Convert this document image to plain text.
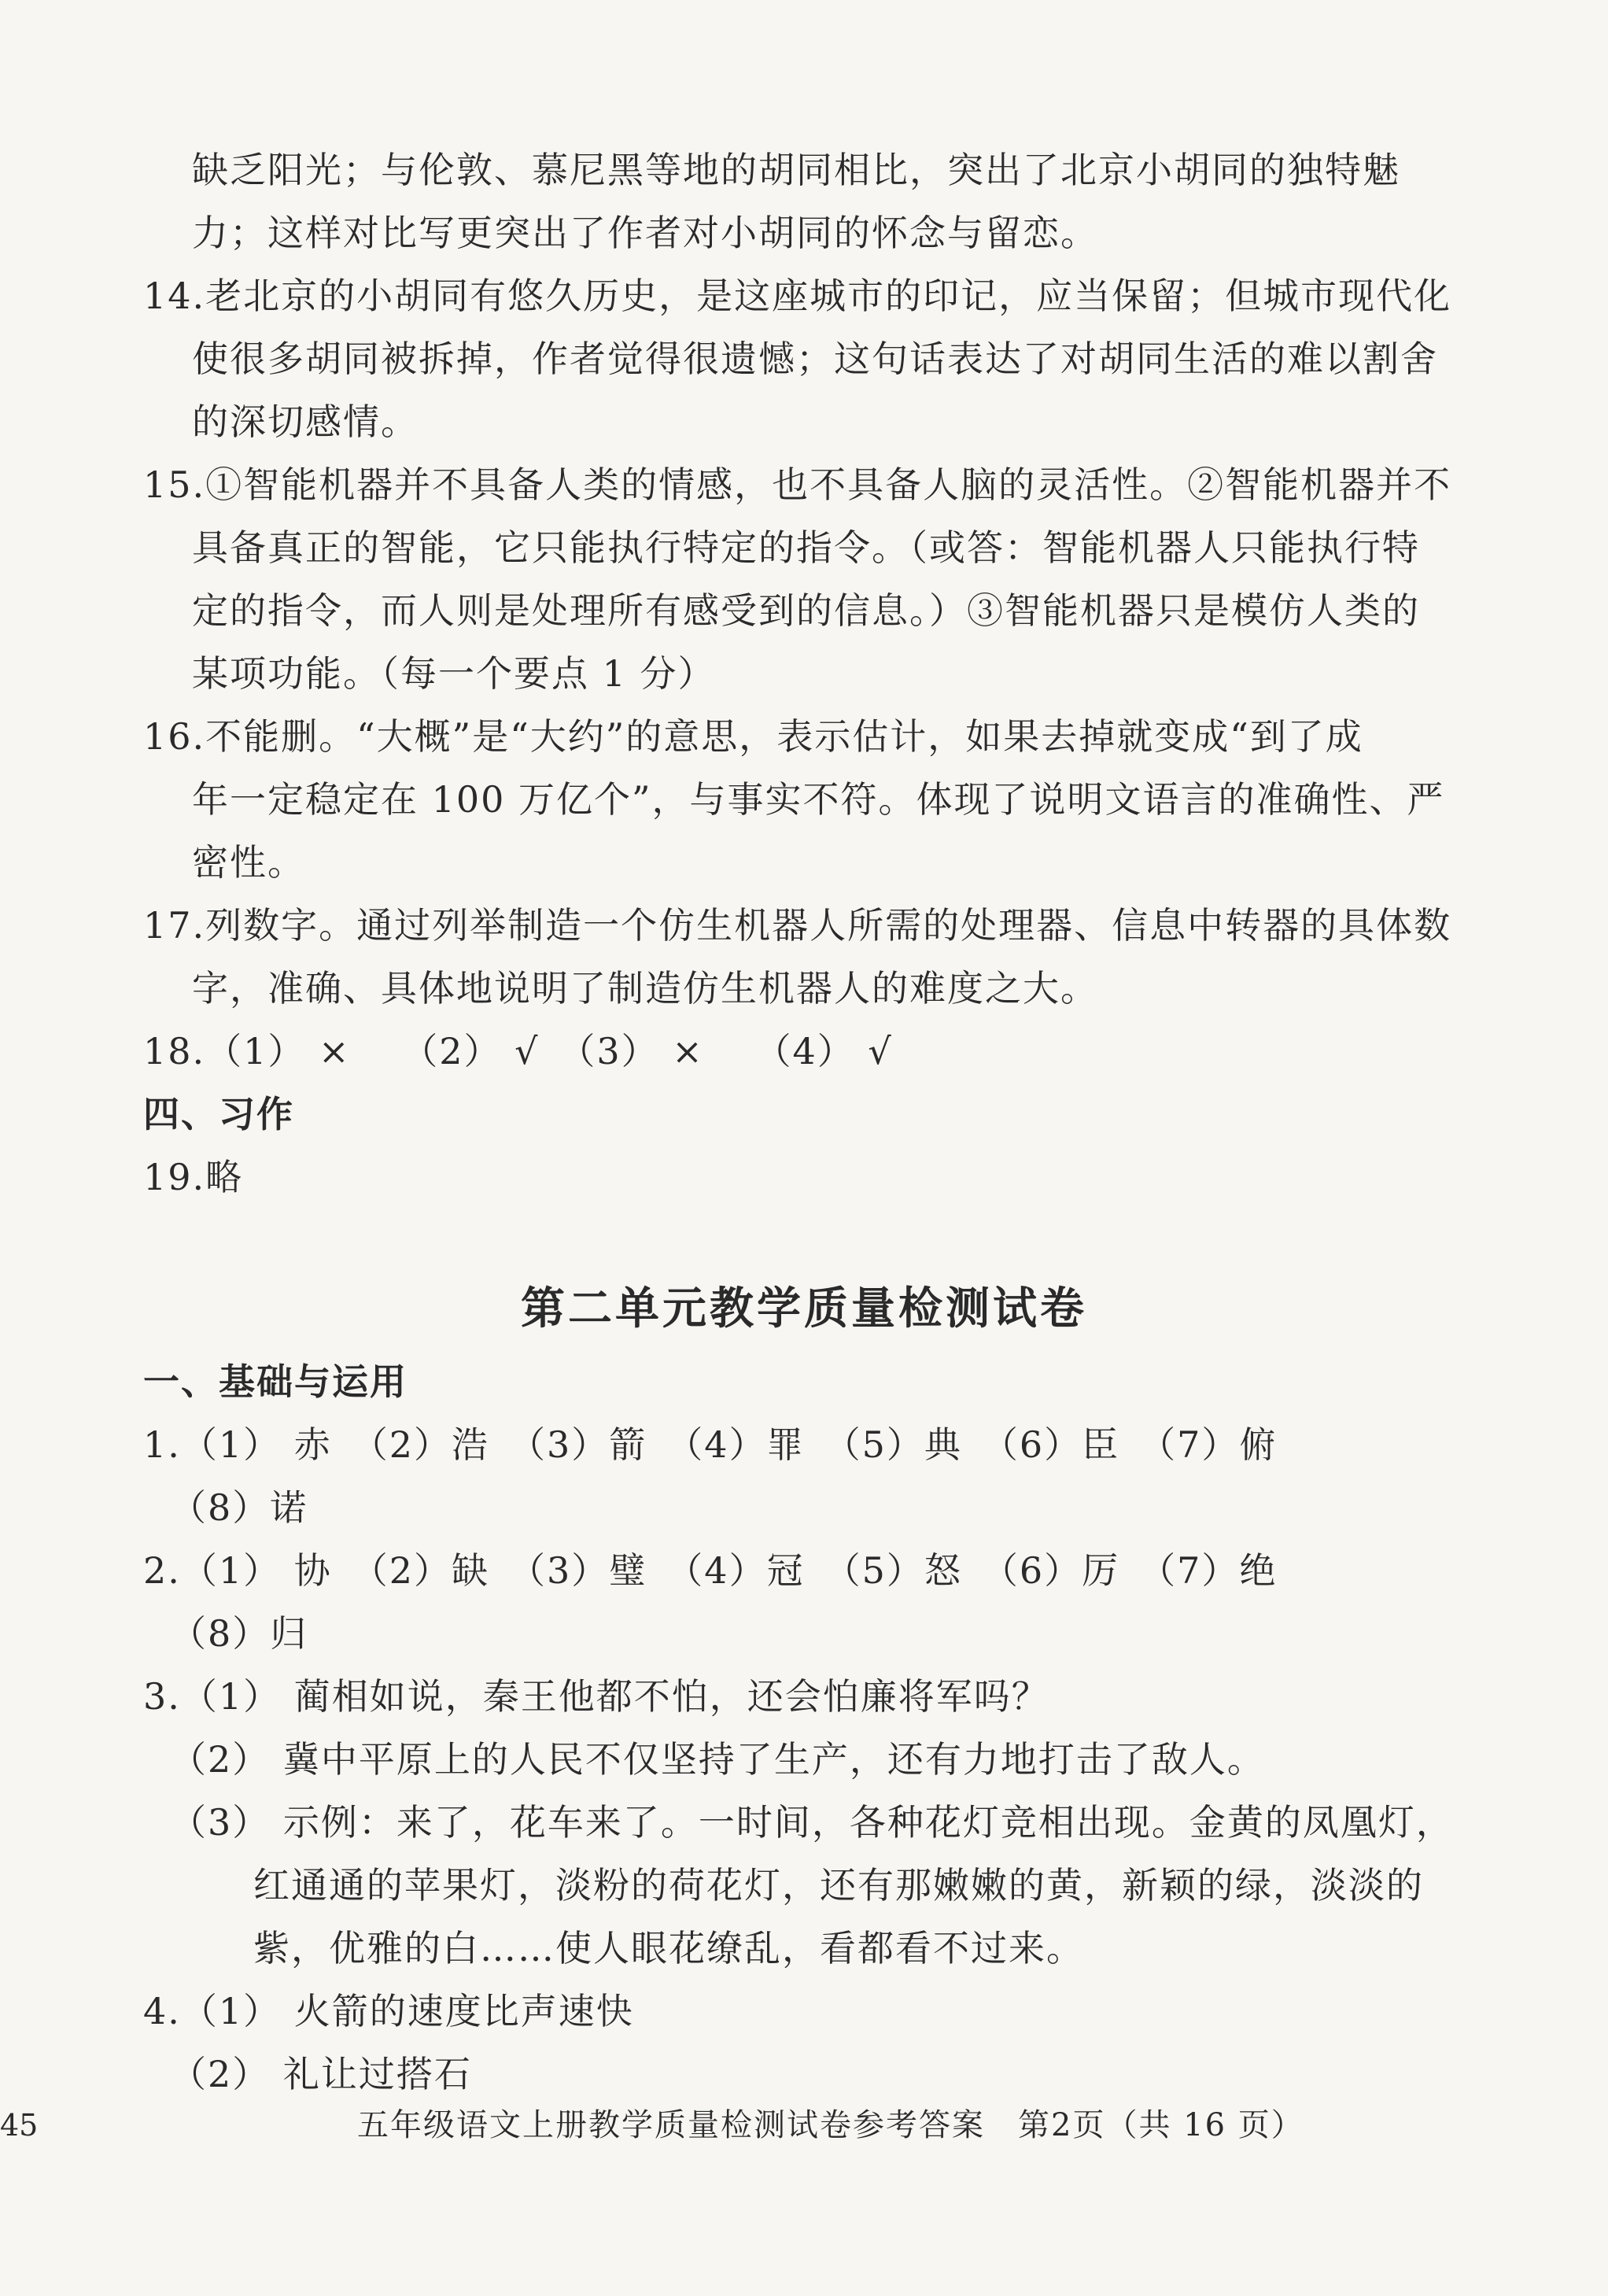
缺乏阳光；与伦敦、慕尼黑等地的胡同相比，突出了北京小胡同的独特魅
力；这样对比写更突出了作者对小胡同的怀念与留恋。
14.老北京的小胡同有悠久历史，是这座城市的印记，应当保留；但城市现代化
使很多胡同被拆掉，作者觉得很遗憾；这句话表达了对胡同生活的难以割舍
的深切感情。
15.①智能机器并不具备人类的情感，也不具备人脑的灵活性。②智能机器并不
具备真正的智能，它只能执行特定的指令。（或答：智能机器人只能执行特
定的指令，而人则是处理所有感受到的信息。）③智能机器只是模仿人类的
某项功能。（每一个要点 1 分）
16.不能删。“大概”是“大约”的意思，表示估计，如果去掉就变成“到了成
年一定稳定在 100 万亿个”，与事实不符。体现了说明文语言的准确性、严
密性。
17.列数字。通过列举制造一个仿生机器人所需的处理器、信息中转器的具体数
字，准确、具体地说明了制造仿生机器人的难度之大。
18.（1） ×　 （2） √　（3） ×　 （4） √
四、习作
19.略
第二单元教学质量检测试卷
一、基础与运用
1.（1） 赤　（2）浩　（3）箭　（4）罪　（5）典　（6）臣　（7）俯
（8）诺
2.（1） 协　（2）缺　（3）璧　（4）冠　（5）怒　（6）厉　（7）绝
（8）归
3.（1） 蔺相如说，秦王他都不怕，还会怕廉将军吗？
（2） 冀中平原上的人民不仅坚持了生产，还有力地打击了敌人。
（3） 示例：来了，花车来了。一时间，各种花灯竞相出现。金黄的凤凰灯，
红通通的苹果灯，淡粉的荷花灯，还有那嫩嫩的黄，新颖的绿，淡淡的
紫，优雅的白……使人眼花缭乱，看都看不过来。
4.（1） 火箭的速度比声速快
（2） 礼让过搭石
45	五年级语文上册教学质量检测试卷参考答案　第2页（共 16 页）
